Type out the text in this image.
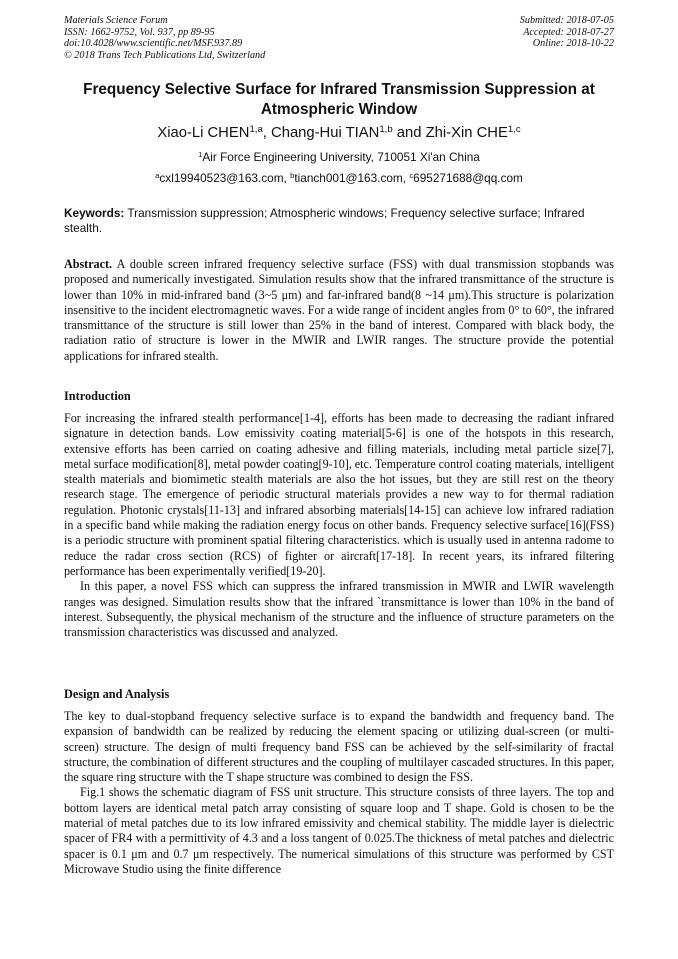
Materials Science Forum
ISSN: 1662-9752, Vol. 937, pp 89-95
doi:10.4028/www.scientific.net/MSF.937.89
© 2018 Trans Tech Publications Ltd, Switzerland
Submitted: 2018-07-05
Accepted: 2018-07-27
Online: 2018-10-22
Frequency Selective Surface for Infrared Transmission Suppression at Atmospheric Window
Xiao-Li CHEN$^{1,a}$, Chang-Hui TIAN$^{1,b}$ and Zhi-Xin CHE$^{1,c}$
$^1$Air Force Engineering University, 710051 Xi'an China
$^a$cxl19940523@163.com, $^b$tianch001@163.com, $^c$695271688@qq.com
Keywords: Transmission suppression; Atmospheric windows; Frequency selective surface; Infrared stealth.
Abstract. A double screen infrared frequency selective surface (FSS) with dual transmission stopbands was proposed and numerically investigated. Simulation results show that the infrared transmittance of the structure is lower than 10% in mid-infrared band (3~5 μm) and far-infrared band(8 ~14 μm).This structure is polarization insensitive to the incident electromagnetic waves. For a wide range of incident angles from 0° to 60°, the infrared transmittance of the structure is still lower than 25% in the band of interest. Compared with black body, the radiation ratio of structure is lower in the MWIR and LWIR ranges. The structure provide the potential applications for infrared stealth.
Introduction

For increasing the infrared stealth performance[1-4], efforts has been made to decreasing the radiant infrared signature in detection bands. Low emissivity coating material[5-6] is one of the hotspots in this research, extensive efforts has been carried on coating adhesive and filling materials, including metal particle size[7], metal surface modification[8], metal powder coating[9-10], etc. Temperature control coating materials, intelligent stealth materials and biomimetic stealth materials are also the hot issues, but they are still rest on the theory research stage. The emergence of periodic structural materials provides a new way to for thermal radiation regulation. Photonic crystals[11-13] and infrared absorbing materials[14-15] can achieve low infrared radiation in a specific band while making the radiation energy focus on other bands. Frequency selective surface[16](FSS) is a periodic structure with prominent spatial filtering characteristics. which is usually used in antenna radome to reduce the radar cross section (RCS) of fighter or aircraft[17-18]. In recent years, its infrared filtering performance has been experimentally verified[19-20].

In this paper, a novel FSS which can suppress the infrared transmission in MWIR and LWIR wavelength ranges was designed. Simulation results show that the infrared `transmittance is lower than 10% in the band of interest. Subsequently, the physical mechanism of the structure and the influence of structure parameters on the transmission characteristics was discussed and analyzed.

Design and Analysis

The key to dual-stopband frequency selective surface is to expand the bandwidth and frequency band. The expansion of bandwidth can be realized by reducing the element spacing or utilizing dual-screen (or multi-screen) structure. The design of multi frequency band FSS can be achieved by the self-similarity of fractal structure, the combination of different structures and the coupling of multilayer cascaded structures. In this paper, the square ring structure with the T shape structure was combined to design the FSS.

Fig.1 shows the schematic diagram of FSS unit structure. This structure consists of three layers. The top and bottom layers are identical metal patch array consisting of square loop and T shape. Gold is chosen to be the material of metal patches due to its low infrared emissivity and chemical stability. The middle layer is dielectric spacer of FR4 with a permittivity of 4.3 and a loss tangent of 0.025.The thickness of metal patches and dielectric spacer is 0.1 μm and 0.7 μm respectively. The numerical simulations of this structure was performed by CST Microwave Studio using the finite difference
